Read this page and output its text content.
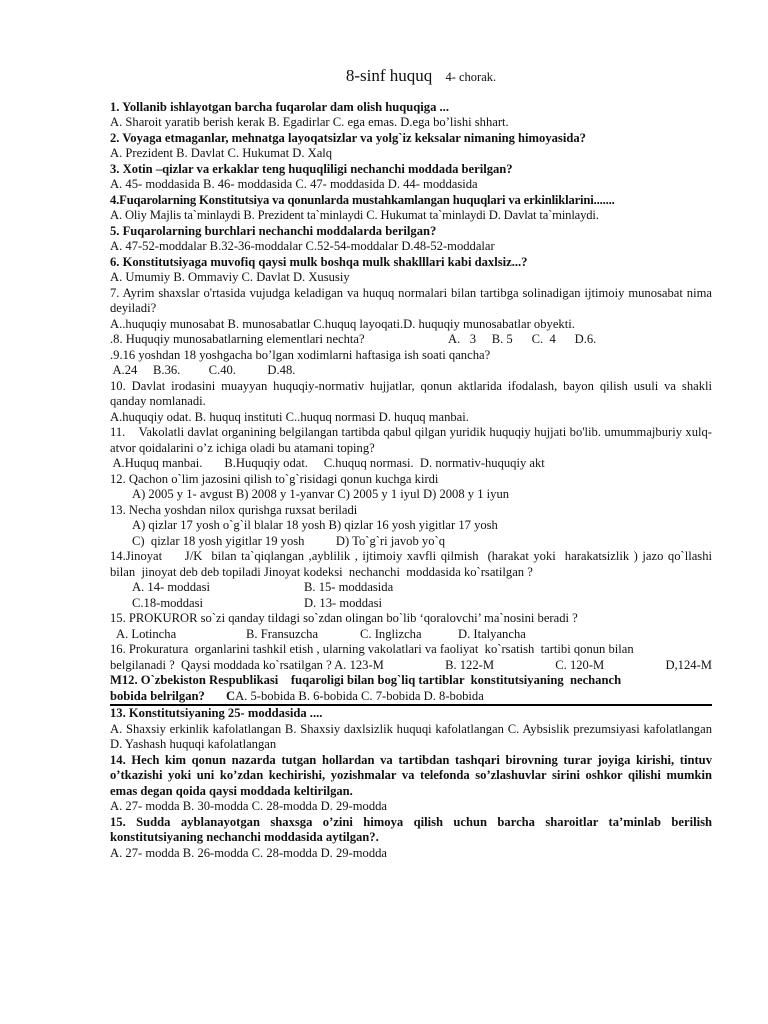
8-sinf huquq 4- chorak.
1. Yollanib ishlayotgan barcha fuqarolar dam olish huquqiga ...
A. Sharoit yaratib berish kerak B. Egadirlar C. ega emas. D.ega bo’lishi shhart.
2. Voyaga etmaganlar, mehnatga layoqatsizlar va yolg`iz keksalar nimaning himoyasida?
A. Prezident B. Davlat C. Hukumat D. Xalq
3. Xotin –qizlar va erkaklar teng huquqliligi nechanchi moddada berilgan?
A. 45- moddasida B. 46- moddasida C. 47- moddasida D. 44- moddasida
4.Fuqarolarning Konstitutsiya va qonunlarda mustahkamlangan huquqlari va erkinliklarini.......
A. Oliy Majlis ta`minlaydi B. Prezident ta`minlaydi C. Hukumat ta`minlaydi D. Davlat ta`minlaydi.
5. Fuqarolarning burchlari nechanchi moddalarda berilgan?
A. 47-52-moddalar B.32-36-moddalar C.52-54-moddalar D.48-52-moddalar
6. Konstitutsiyaga muvofiq qaysi mulk boshqa mulk shaklllari kabi daxlsiz...?
A. Umumiy B. Ommaviy C. Davlat D. Xususiy
7. Ayrim shaxslar o'rtasida vujudga keladigan va huquq normalari bilan tartibga solinadigan ijtimoiy munosabat nima deyiladi?
A..huquqiy munosabat B. munosabatlar C.huquq layoqati.D. huquqiy munosabatlar obyekti.
.8. Huquqiy munosabatlarning elementlari nechta?	A.   3     B. 5      C.  4      D.6.
.9.16 yoshdan 18 yoshgacha bo’lgan xodimlarni haftasiga ish soati qancha?
A.24     B.36.         C.40.          D.48.
10. Davlat irodasini muayyan huquqiy-normativ hujjatlar, qonun aktlarida ifodalash, bayon qilish usuli va shakli qanday nomlanadi.
A.huquqiy odat. B. huquq instituti C..huquq normasi D. huquq manbai.
11.    Vakolatli davlat organining belgilangan tartibda qabul qilgan yuridik huquqiy hujjati bo'lib. umummajburiy xulq-atvor qoidalarini o’z ichiga oladi bu atamani toping?
A.Huquq manbai.       B.Huquqiy odat.     C.huquq normasi.  D. normativ-huquqiy akt
12. Qachon o`lim jazosini qilish to`g`risidagi qonun kuchga kirdi
A) 2005 y 1- avgust B) 2008 y 1-yanvar C) 2005 y 1 iyul D) 2008 y 1 iyun
13. Necha yoshdan nilox qurishga ruxsat beriladi
A) qizlar 17 yosh o`g`il blalar 18 yosh B) qizlar 16 yosh yigitlar 17 yosh
C)  qizlar 18 yosh yigitlar 19 yosh          D) To`g`ri javob yo`q
14.Jinoyat     J/K  bilan ta`qiqlangan ,ayblilik , ijtimoiy xavfli qilmish  (harakat yoki  harakatsizlik ) jazo qo`llashi       bilan  jinoyat deb deb topiladi Jinoyat kodeksi  nechanchi  moddasida ko`rsatilgan ?
A. 14- moddasi	B. 15- moddasida
C.18-moddasi	D. 13- moddasi
15. PROKUROR so`zi qanday tildagi so`zdan olingan bo`lib ‘qoralovchi’ ma`nosini beradi ?
A. Lotincha	B. Fransuzcha	C. Inglizcha	D. Italyancha
16. Prokuratura  organlarini tashkil etish , ularning vakolatlari va faoliyat  ko`rsatish  tartibi qonun bilan
belgilanadi ?  Qaysi moddada ko`rsatilgan ? A. 123-M	B. 122-M	C. 120-M	D,124-M
M12. O`zbekiston Respublikasi    fuqaroligi bilan bog`liq tartiblar  konstitutsiyaning  nechanch
bobida belrilgan? CA. 5-bobida B. 6-bobida C. 7-bobida D. 8-bobida
13. Konstitutsiyaning 25- moddasida ....
A. Shaxsiy erkinlik kafolatlangan B. Shaxsiy daxlsizlik huquqi kafolatlangan C. Aybsislik prezumsiyasi kafolatlangan D. Yashash huquqi kafolatlangan
14. Hech kim qonun nazarda tutgan hollardan va tartibdan tashqari birovning turar joyiga kirishi, tintuv o’tkazishi yoki uni ko’zdan kechirishi, yozishmalar va telefonda so’zlashuvlar sirini oshkor qilishi mumkin emas degan qoida qaysi moddada keltirilgan.
A. 27- modda B. 30-modda C. 28-modda D. 29-modda
15. Sudda ayblanayotgan shaxsga o’zini himoya qilish uchun barcha sharoitlar ta’minlab berilish konstitutsiyaning nechanchi moddasida aytilgan?.
A. 27- modda B. 26-modda C. 28-modda D. 29-modda
